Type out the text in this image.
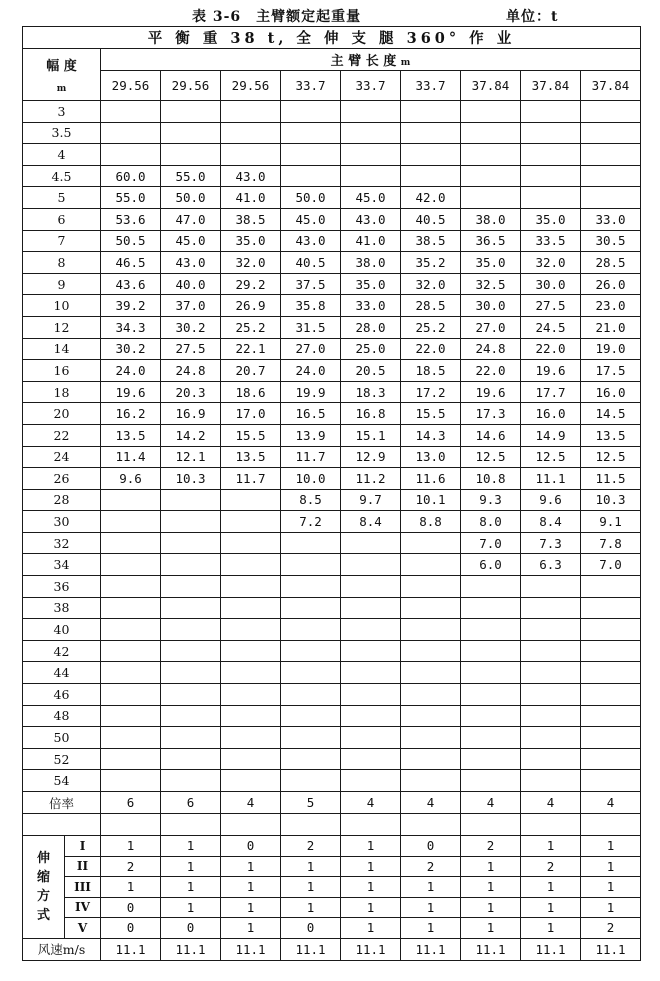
表 3-6　主臂额定起重量	单位：t
平 衡 重 38 t, 全 伸 支 腿 360° 作 业										

幅 度
m		主 臂 长 度 m								
		29.56	29.56	29.56	33.7	33.7	33.7	37.84	37.84	37.84
3										
3.5										
4										
4.5		60.0	55.0	43.0						
5		55.0	50.0	41.0	50.0	45.0	42.0			
6		53.6	47.0	38.5	45.0	43.0	40.5	38.0	35.0	33.0
7		50.5	45.0	35.0	43.0	41.0	38.5	36.5	33.5	30.5
8		46.5	43.0	32.0	40.5	38.0	35.2	35.0	32.0	28.5
9		43.6	40.0	29.2	37.5	35.0	32.0	32.5	30.0	26.0
10		39.2	37.0	26.9	35.8	33.0	28.5	30.0	27.5	23.0
12		34.3	30.2	25.2	31.5	28.0	25.2	27.0	24.5	21.0
14		30.2	27.5	22.1	27.0	25.0	22.0	24.8	22.0	19.0
16		24.0	24.8	20.7	24.0	20.5	18.5	22.0	19.6	17.5
18		19.6	20.3	18.6	19.9	18.3	17.2	19.6	17.7	16.0
20		16.2	16.9	17.0	16.5	16.8	15.5	17.3	16.0	14.5
22		13.5	14.2	15.5	13.9	15.1	14.3	14.6	14.9	13.5
24		11.4	12.1	13.5	11.7	12.9	13.0	12.5	12.5	12.5
26		9.6	10.3	11.7	10.0	11.2	11.6	10.8	11.1	11.5
28					8.5	9.7	10.1	9.3	9.6	10.3
30					7.2	8.4	8.8	8.0	8.4	9.1
32								7.0	7.3	7.8
34								6.0	6.3	7.0
36										
38										
40										
42										
44										
46										
48										
50										
52										
54										
倍率		6	6	4	5	4	4	4	4	4

伸缩方式	I	1	1	0	2	1	0	2	1	1
	II	2	1	1	1	1	2	1	2	1
	III	1	1	1	1	1	1	1	1	1
	IV	0	1	1	1	1	1	1	1	1
	V	0	0	1	0	1	1	1	1	2
风速m/s		11.1	11.1	11.1	11.1	11.1	11.1	11.1	11.1	11.1
